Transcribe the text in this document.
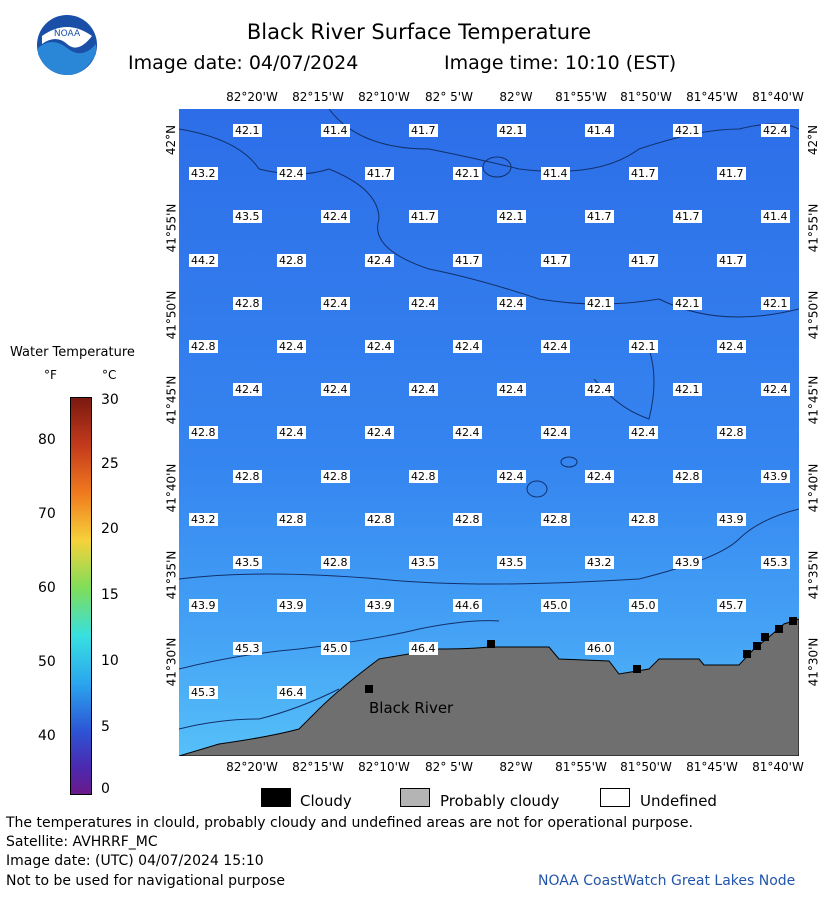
NOAA	Black River Surface Temperature
Image date: 04/07/2024	Image time: 10:10 (EST)
42.1	41.4	41.7	42.1	41.4	42.1	42.4
43.2	42.4	41.7	42.1	41.4	41.7	41.7
43.5	42.4	41.7	42.1	41.7	41.7	41.4
44.2	42.8	42.4	41.7	41.7	41.7	41.7
42.8	42.4	42.4	42.4	42.1	42.1	42.1
42.8	42.4	42.4	42.4	42.4	42.1	42.4
42.4	42.4	42.4	42.4	42.4	42.1	42.4
42.8	42.4	42.4	42.4	42.4	42.4	42.8
42.8	42.8	42.8	42.4	42.4	42.8	43.9
43.2	42.8	42.8	42.8	42.8	42.8	43.9
43.5	42.8	43.5	43.5	43.2	43.9	45.3
43.9	43.9	43.9	44.6	45.0	45.0	45.7
45.3	45.0	46.4	46.0
45.3	46.4
Black River
Water Temperature
°F	°C
Cloudy	Probably cloudy	Undefined
The temperatures in clould, probably cloudy and undefined areas are not for operational purpose.
Satellite: AVHRRF_MC
Image date: (UTC) 04/07/2024 15:10
Not to be used for navigational purpose	NOAA CoastWatch Great Lakes Node
82°20'W
82°20'W
82°15'W
82°15'W
82°10'W
82°10'W
82° 5'W
82° 5'W
82°W
82°W
81°55'W
81°55'W
81°50'W
81°50'W
81°45'W
81°45'W
81°40'W
81°40'W
42°N	42°N
41°55'N	41°55'N
41°50'N	41°50'N
41°45'N	41°45'N
41°40'N	41°40'N
41°35'N	41°35'N
41°30'N	41°30'N
80
70
60
50
40
30
25
20
15
10
5
0
